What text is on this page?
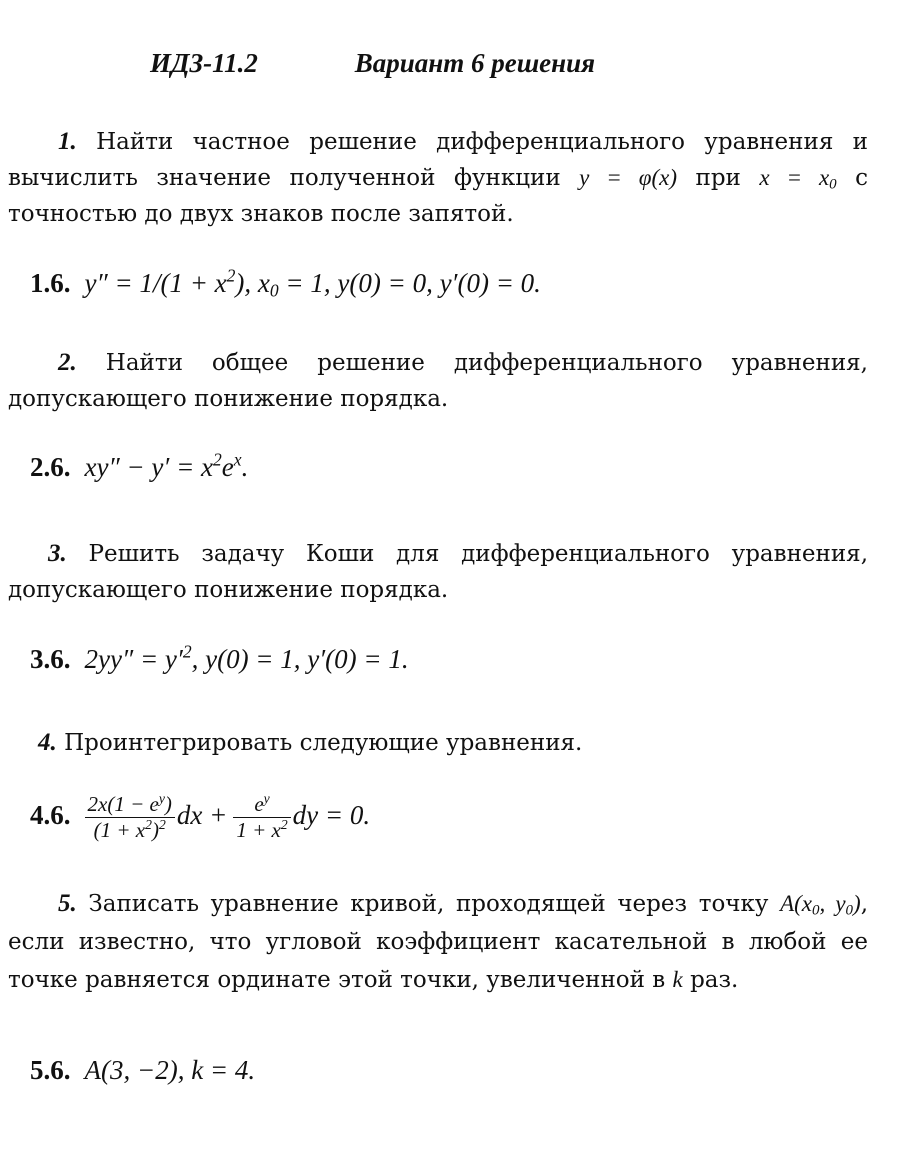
ИДЗ-11.2	Вариант 6 решения
1. Найти частное решение дифференциального уравнения и вычислить значение полученной функции y = φ(x) при $x = x_0$ с точностью до двух знаков после запятой.
1.6. $y'' = 1/(1 + x^2)$, $x_0 = 1$, y(0) = 0, y′(0) = 0.
2. Найти общее решение дифференциального уравнения, допускающего понижение порядка.
2.6. $xy'' - y' = x^2e^x$.
3. Решить задачу Коши для дифференциального уравнения, допускающего понижение порядка.
3.6. $2yy'' = y'^2$, y(0) = 1, y′(0) = 1.
4. Проинтегрировать следующие уравнения.
4.6. $\frac{2x(1 - e^y)}{(1 + x^2)^2}$ dx + $\frac{e^y}{1 + x^2}$ dy = 0.
5. Записать уравнение кривой, проходящей через точку $A(x_0$, $y_0$), если известно, что угловой коэффициент касательной в любой ее точке равняется ординате этой точки, увеличенной в k раз.
5.6. A(3, −2), k = 4.
